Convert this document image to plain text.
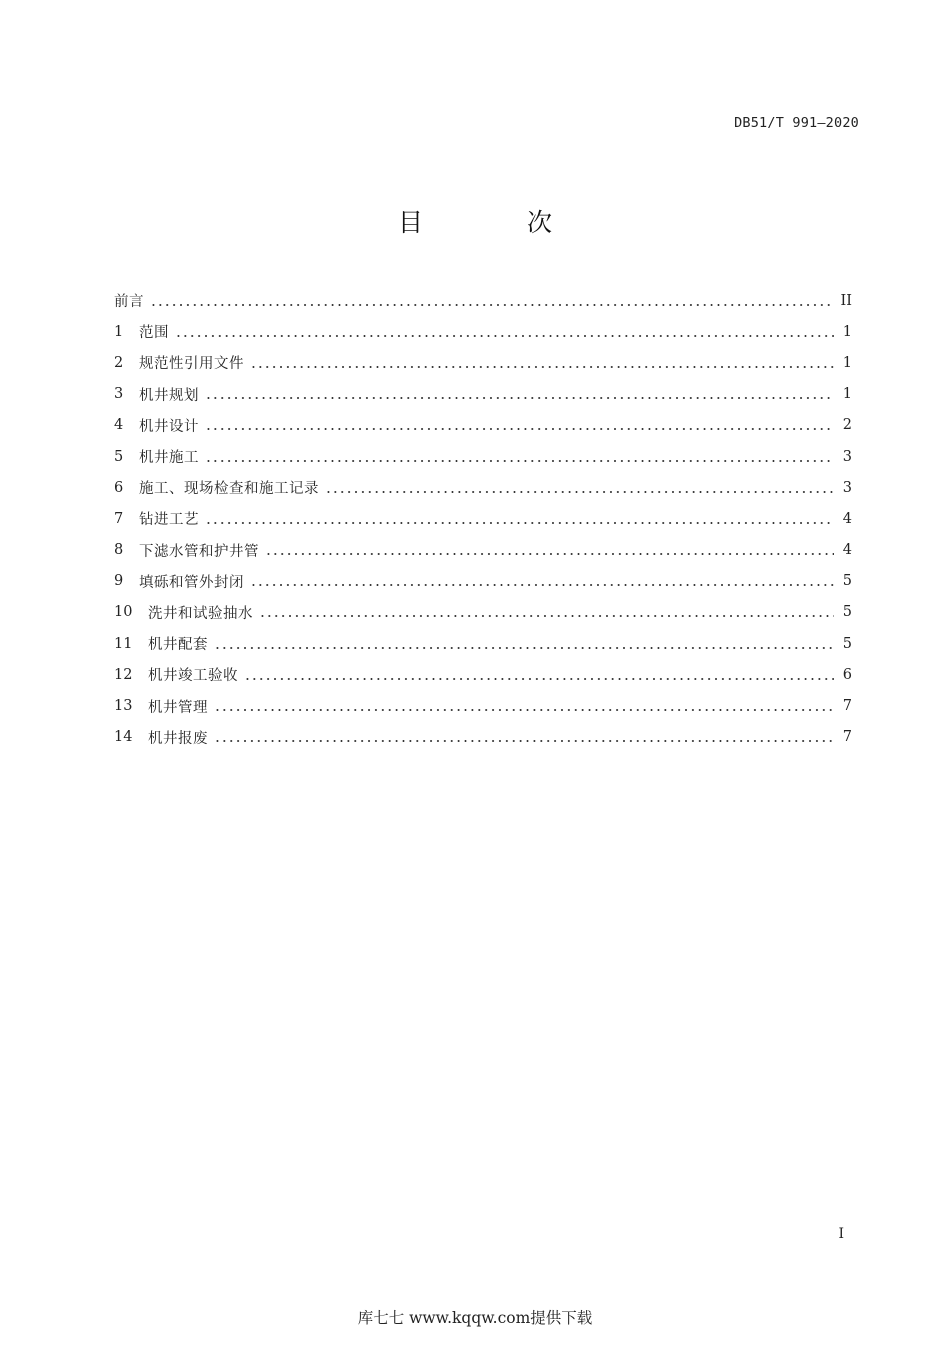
DB51/T 991—2020
目 次
前言	II
1	范围	1
2	规范性引用文件	1
3	机井规划	1
4	机井设计	2
5	机井施工	3
6	施工、现场检查和施工记录	3
7	钻进工艺	4
8	下滤水管和护井管	4
9	填砾和管外封闭	5
10	洗井和试验抽水	5
11	机井配套	5
12	机井竣工验收	6
13	机井管理	7
14	机井报废	7
I
库七七 www.kqqw.com提供下载
